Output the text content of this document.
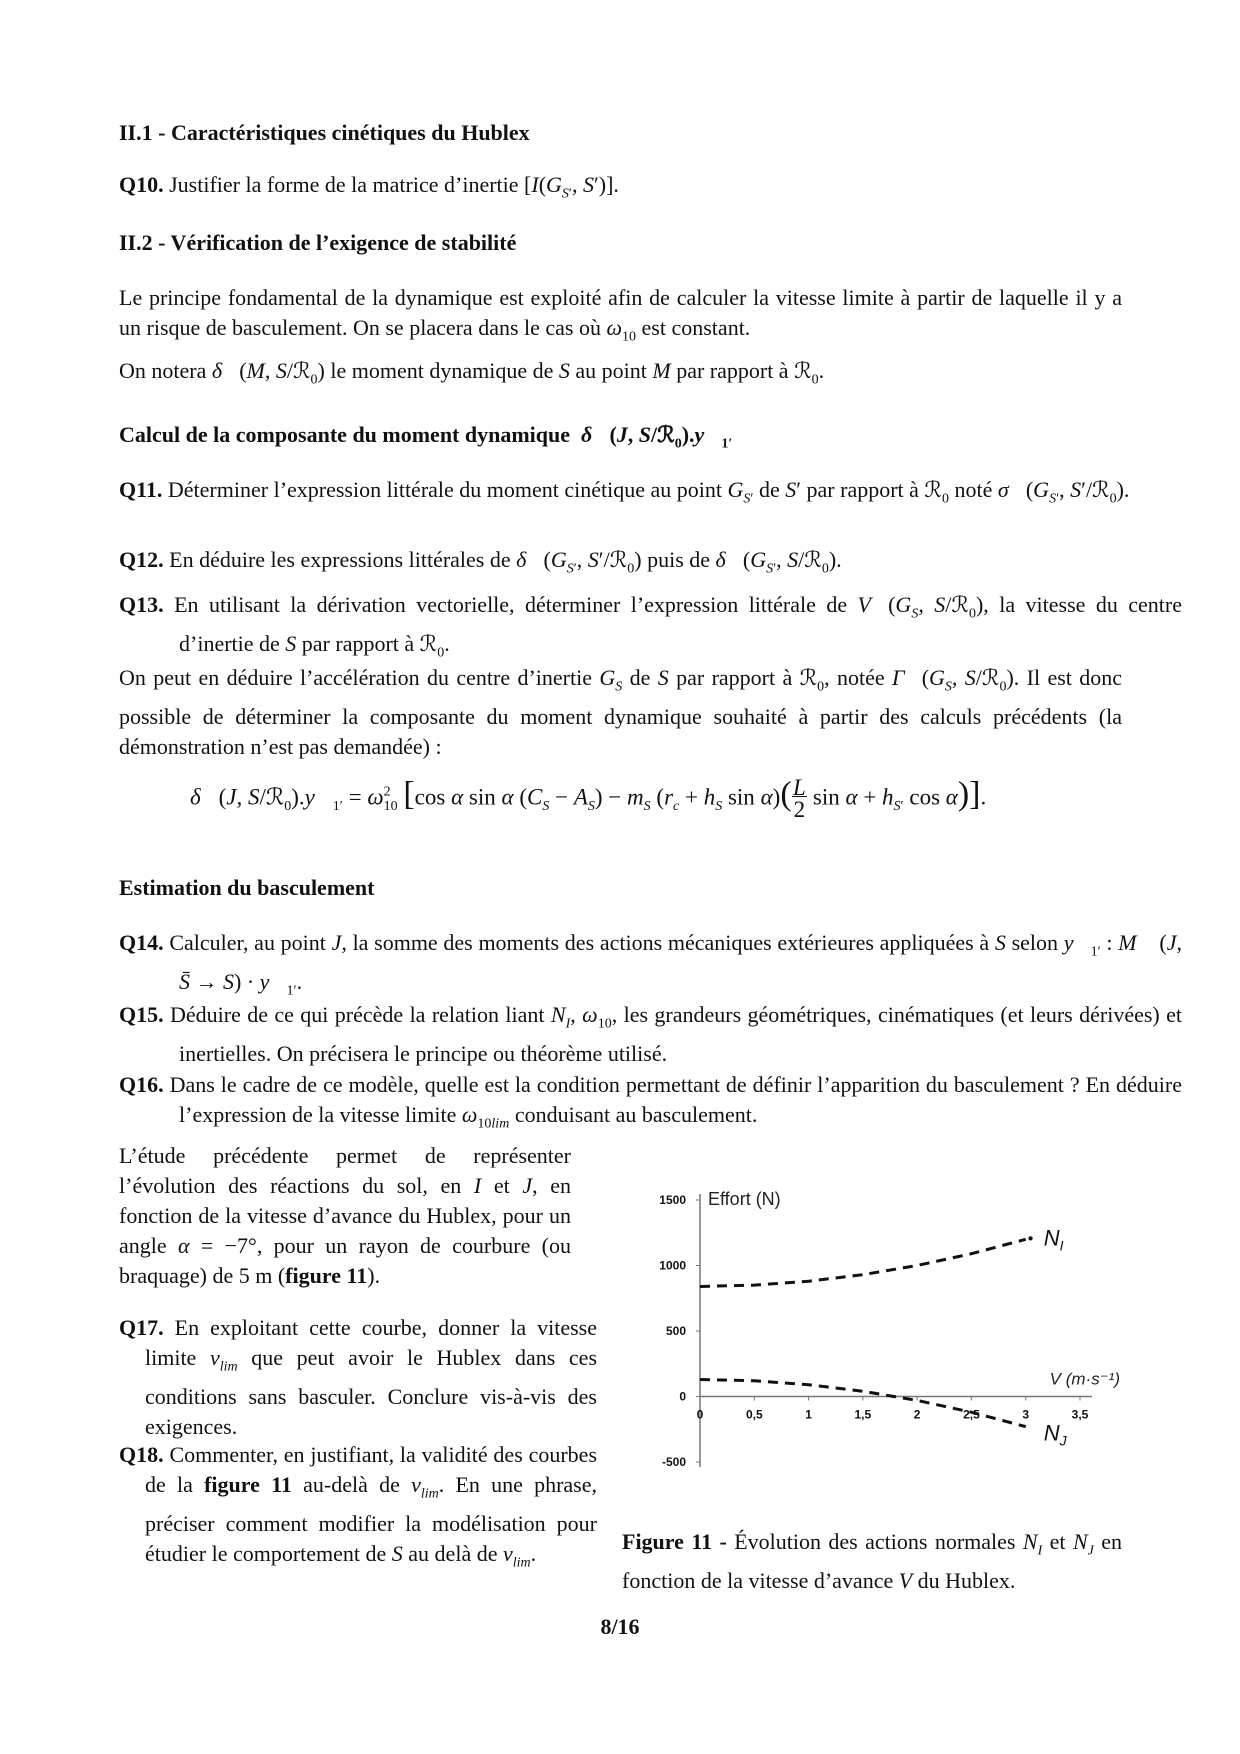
II.1 - Caractéristiques cinétiques du Hublex

Q10. Justifier la forme de la matrice d’inertie [$I(G_{S'}$, S′)].

II.2 - Vérification de l’exigence de stabilité

Le principe fondamental de la dynamique est exploité afin de calculer la vitesse limite à partir de laquelle il y a un risque de basculement. On se placera dans le cas où $\omega_{10}$ est constant.

On notera δ⃗(M, S/ℛ$_0$) le moment dynamique de S au point M par rapport à ℛ$_0$.

Calcul de la composante du moment dynamique  δ⃗(J, $S/ℛ_0).y⃗_{1'}$

Q11. Déterminer l’expression littérale du moment cinétique au point $G_{S'}$ de S′ par rapport à ℛ$_0$ noté $\sigma⃗(G_{S'}$, S′/ℛ$_0$).

Q12. En déduire les expressions littérales de $\delta⃗(G_{S'}$, S′/ℛ$_0$) puis de $\delta⃗(G_{S'}$, S/ℛ$_0$).

Q13. En utilisant la dérivation vectorielle, déterminer l’expression littérale de $V⃗(G_S$, S/ℛ$_0$), la vitesse du centre d’inertie de S par rapport à ℛ$_0$.

On peut en déduire l’accélération du centre d’inertie $G_S$ de S par rapport à ℛ$_0$, notée $\Gamma⃗(G_S$, S/ℛ$_0$). Il est donc possible de déterminer la composante du moment dynamique souhaité à partir des calculs précédents (la démonstration n’est pas demandée) :

δ⃗(J, $S/ℛ_0).y⃗_{1'} = \omega^2_{10}$ [cos α sin α $(C_S - A_S) - m_S$ ($r_c + h_S$ $\sin \alpha)(\frac{L}{2}$ $\sin \alpha + h_{S'}$ cos α)].

Estimation du basculement

Q14. Calculer, au point J, la somme des moments des actions mécaniques extérieures appliquées à S selon $y⃗_{1'}$ : M⃗ (J, S̄ → $S) \cdot y⃗_{1'}$.

Q15. Déduire de ce qui précède la relation liant $N_I$, $\omega_{10}$, les grandeurs géométriques, cinématiques (et leurs dérivées) et inertielles. On précisera le principe ou théorème utilisé.

Q16. Dans le cadre de ce modèle, quelle est la condition permettant de définir l’apparition du basculement ? En déduire l’expression de la vitesse limite $\omega_{10lim}$ conduisant au basculement.

L’étude précédente permet de représenter l’évolution des réactions du sol, en I et J, en fonction de la vitesse d’avance du Hublex, pour un angle α = −7°, pour un rayon de courbure (ou braquage) de 5 m (figure 11).

Q17. En exploitant cette courbe, donner la vitesse limite $v_{lim}$ que peut avoir le Hublex dans ces conditions sans basculer. Conclure vis-à-vis des exigences.

Q18. Commenter, en justifiant, la validité des courbes de la figure 11 au-delà de $v_{lim}$. En une phrase, préciser comment modifier la modélisation pour étudier le comportement de S au delà de $v_{lim}$.

1500
1000
500
0
-500
0	0,5	1	1,5	2	2,5	3	3,5
Effort (N)
V (m·s⁻¹)
• $N_I$
$N_J$

Figure 11 - Évolution des actions normales $N_I$ et $N_J$ en fonction de la vitesse d’avance V du Hublex.

8/16
